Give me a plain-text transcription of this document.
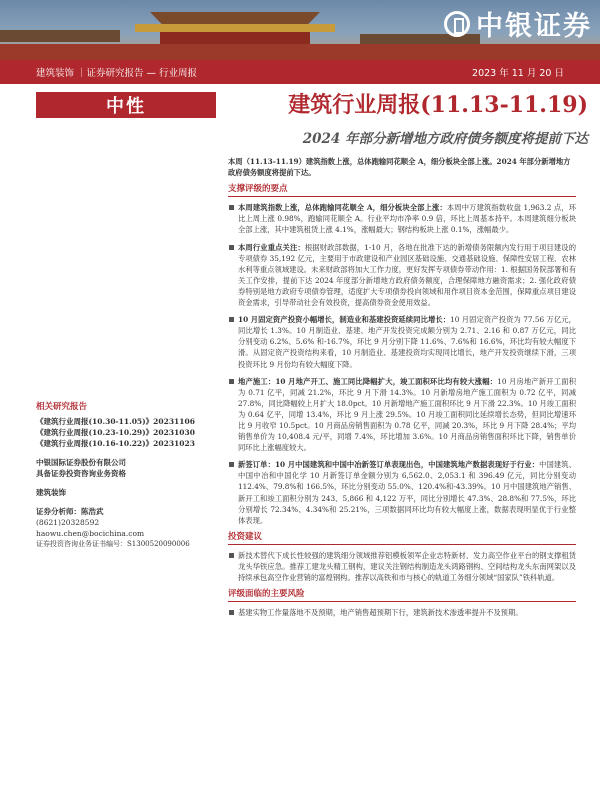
中银证券
建筑装饰 ｜证券研究报告 — 行业周报	2023 年 11 月 20 日
中性	建筑行业周报(11.13-11.19)
2024 年部分新增地方政府债务额度将提前下达
相关研究报告
《建筑行业周报(10.30-11.05)》20231106
《建筑行业周报(10.23-10.29)》20231030
《建筑行业周报(10.16-10.22)》20231023
中银国际证券股份有限公司
具备证券投资咨询业务资格
建筑装饰
证券分析师：陈浩武
(8621)20328592
haowu.chen@bocichina.com
证券投资咨询业务证书编号：S1300520090006
本周（11.13-11.19）建筑指数上涨，总体跑输同花顺全 A，细分板块全部上涨。2024 年部分新增地方政府债务额度将提前下达。
支撑评级的要点
本周建筑指数上涨，总体跑输同花顺全 A，细分板块全部上涨：本周中万建筑指数收盘 1,963.2 点，环比上周上涨 0.98%，跑输同花顺全 A。行业平均市净率 0.9 倍，环比上周基本持平。本周建筑细分板块全部上涨，其中建筑租赁上涨 4.1%，涨幅最大；钢结构板块上涨 0.1%，涨幅最少。
本周行业重点关注：根据财政部数据，1-10 月，各地在批准下达的新增债务限额内发行用于项目建设的专项债券 35,192 亿元，主要用于市政建设和产业园区基础设施、交通基础设施、保障性安居工程、农林水利等重点领域建设。未来财政部将加大工作力度，更好发挥专项债券带动作用：1. 根据国务院部署和有关工作安排，提前下达 2024 年度部分新增地方政府债务额度，合理保障地方融资需求；2. 强化政府债券特别是地方政府专项债券管理，适度扩大专项债券投向领域和用作项目资本金范围，保障重点项目建设资金需求，引导带动社会有效投资，提高债券资金使用效益。
10 月固定资产投资小幅增长，制造业和基建投资延续同比增长：10 月固定资产投资为 77.56 万亿元，同比增长 1.3%。10 月制造业、基建、地产开发投资完成额分别为 2.71、2.16 和 0.87 万亿元，同比分别变动 6.2%、5.6% 和-16.7%，环比 9 月分别下降 11.6%、7.6%和 16.6%，环比均有较大幅度下滑。从固定资产投资结构来看，10 月制造业、基建投资均实现同比增长，地产开发投资继续下滑，三项投资环比 9 月份均有较大幅度下降。
地产施工：10 月地产开工、施工同比降幅扩大，竣工面积环比均有较大涨幅：10 月房地产新开工面积为 0.71 亿平，同减 21.2%，环比 9 月下滑 14.3%。10 月新增房地产施工面积为 0.72 亿平，同减 27.8%，同比降幅较上月扩大 18.0pct。10 月新增地产施工面积环比 9 月下滑 22.3%。10 月竣工面积为 0.64 亿平，同增 13.4%，环比 9 月上涨 29.5%。10 月竣工面积同比延续增长态势，但同比增速环比 9 月收窄 10.5pct。10 月商品房销售面积为 0.78 亿平，同减 20.3%，环比 9 月下降 28.4%；平均销售单价为 10,408.4 元/平，同增 7.4%，环比增加 3.6%。10 月商品房销售面积环比下降，销售单价同环比上涨幅度较大。
新签订单：10 月中国建筑和中国中冶新签订单表现出色，中国建筑地产数据表现好于行业：中国建筑、中国中冶和中国化学 10 月新签订单金额分别为 6,562.0、2,053.1 和 396.49 亿元，同比分别变动 112.4%、79.8%和 166.5%，环比分别变动 55.0%、120.4%和-43.39%。10 月中国建筑地产销售、新开工和竣工面积分别为 243、5,866 和 4,122 万平，同比分别增长 47.3%、28.8%和 77.5%，环比分别增长 72.34%、4.34%和 25.21%，三项数据同环比均有较大幅度上涨，数据表现明显优于行业整体表现。
投资建议
新技术替代下成长性较强的建筑细分领域推荐铝模板领军企业志特新材、发力高空作业平台的钢支撑租赁龙头华铁应急。推荐工建龙头精工钢构，建议关注钢结构制造龙头鸿路钢构、空间结构龙头东南网架以及持续承包高空作业营销的富煌钢构。推荐以高铁和市与核心的轨道工务细分领域“国家队”铁科轨道。
评级面临的主要风险
基建实物工作量落地不及预期，地产销售超预期下行，建筑新技术渗透率提升不及预期。
